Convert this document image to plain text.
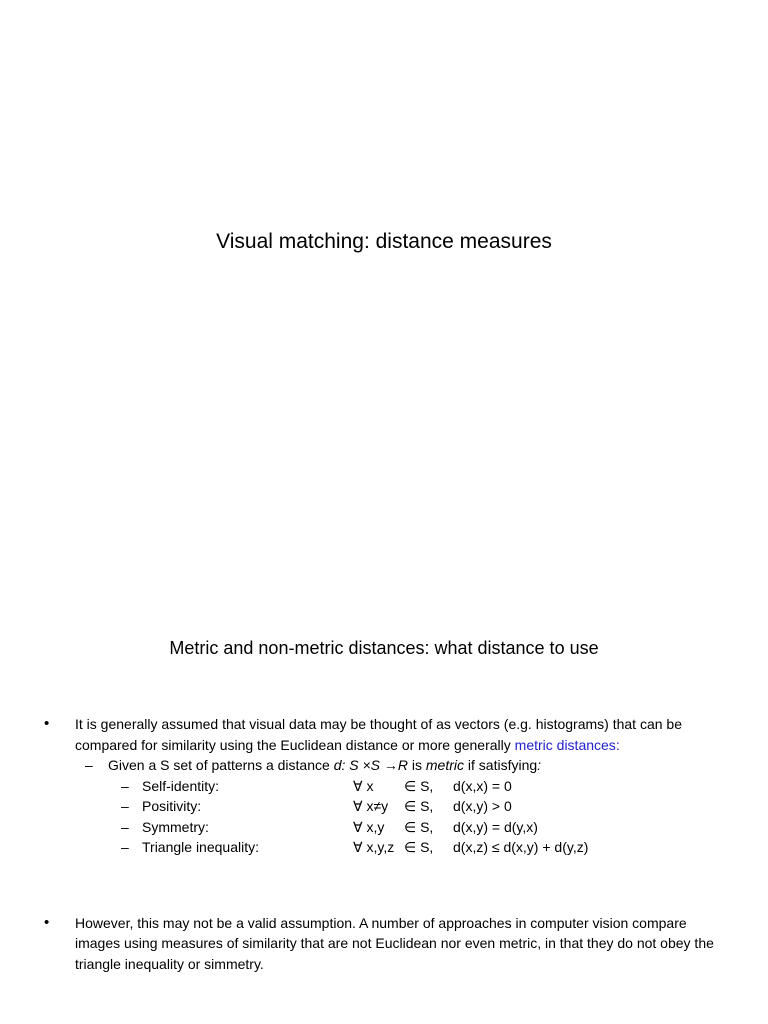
Visual matching: distance measures
Metric and non-metric distances: what distance to use
• It is generally assumed that visual data may be thought of as vectors (e.g. histograms) that can be compared for similarity using the Euclidean distance or more generally metric distances:
– Given a S set of patterns a distance d: S ×S →R is metric if satisfying:
– Self-identity:	∀ x ∈ S, d(x,x) = 0
– Positivity:	∀ x≠y ∈ S, d(x,y) > 0
– Symmetry:	∀ x,y ∈ S, d(x,y) = d(y,x)
– Triangle inequality:	∀ x,y,z ∈ S, d(x,z) ≤ d(x,y) + d(y,z)
• However, this may not be a valid assumption. A number of approaches in computer vision compare images using measures of similarity that are not Euclidean nor even metric, in that they do not obey the triangle inequality or simmetry.
